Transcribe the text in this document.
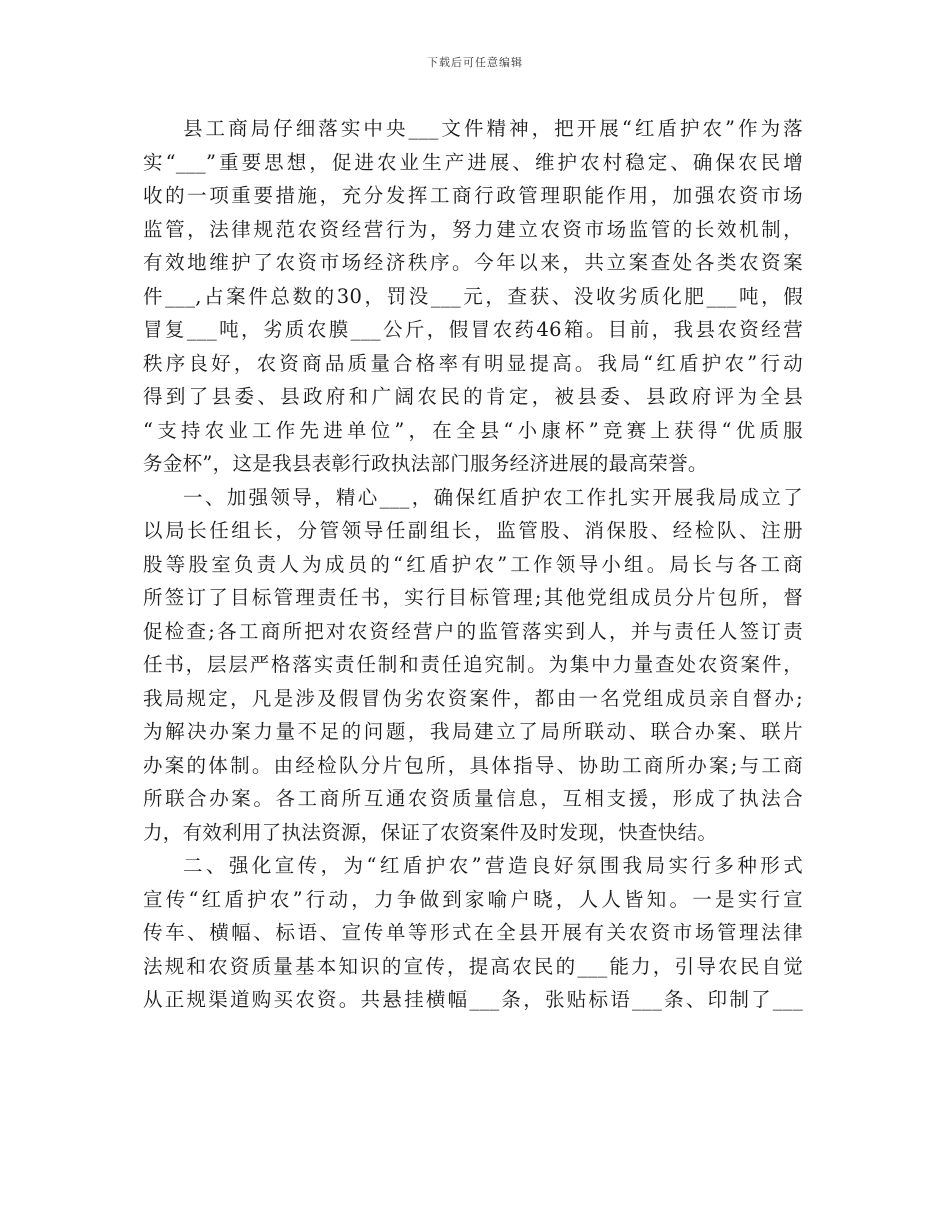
下载后可任意编辑
县工商局仔细落实中央___文件精神，把开展“红盾护农”作为落
实“___”重要思想，促进农业生产进展、维护农村稳定、确保农民增
收的一项重要措施，充分发挥工商行政管理职能作用，加强农资市场
监管，法律规范农资经营行为，努力建立农资市场监管的长效机制，
有效地维护了农资市场经济秩序。今年以来，共立案查处各类农资案
件___,占案件总数的30，罚没___元，查获、没收劣质化肥___吨，假
冒复___吨，劣质农膜___公斤，假冒农药46箱。目前，我县农资经营
秩序良好，农资商品质量合格率有明显提高。我局“红盾护农”行动
得到了县委、县政府和广阔农民的肯定，被县委、县政府评为全县
“支持农业工作先进单位”，在全县“小康杯”竞赛上获得“优质服
务金杯”，这是我县表彰行政执法部门服务经济进展的最高荣誉。
一、加强领导，精心___，确保红盾护农工作扎实开展我局成立了
以局长任组长，分管领导任副组长，监管股、消保股、经检队、注册
股等股室负责人为成员的“红盾护农”工作领导小组。局长与各工商
所签订了目标管理责任书，实行目标管理;其他党组成员分片包所，督
促检查;各工商所把对农资经营户的监管落实到人，并与责任人签订责
任书，层层严格落实责任制和责任追究制。为集中力量查处农资案件，
我局规定，凡是涉及假冒伪劣农资案件，都由一名党组成员亲自督办;
为解决办案力量不足的问题，我局建立了局所联动、联合办案、联片
办案的体制。由经检队分片包所，具体指导、协助工商所办案;与工商
所联合办案。各工商所互通农资质量信息，互相支援，形成了执法合
力，有效利用了执法资源，保证了农资案件及时发现，快查快结。
二、强化宣传，为“红盾护农”营造良好氛围我局实行多种形式
宣传“红盾护农”行动，力争做到家喻户晓，人人皆知。一是实行宣
传车、横幅、标语、宣传单等形式在全县开展有关农资市场管理法律
法规和农资质量基本知识的宣传，提高农民的___能力，引导农民自觉
从正规渠道购买农资。共悬挂横幅___条，张贴标语___条、印制了___
